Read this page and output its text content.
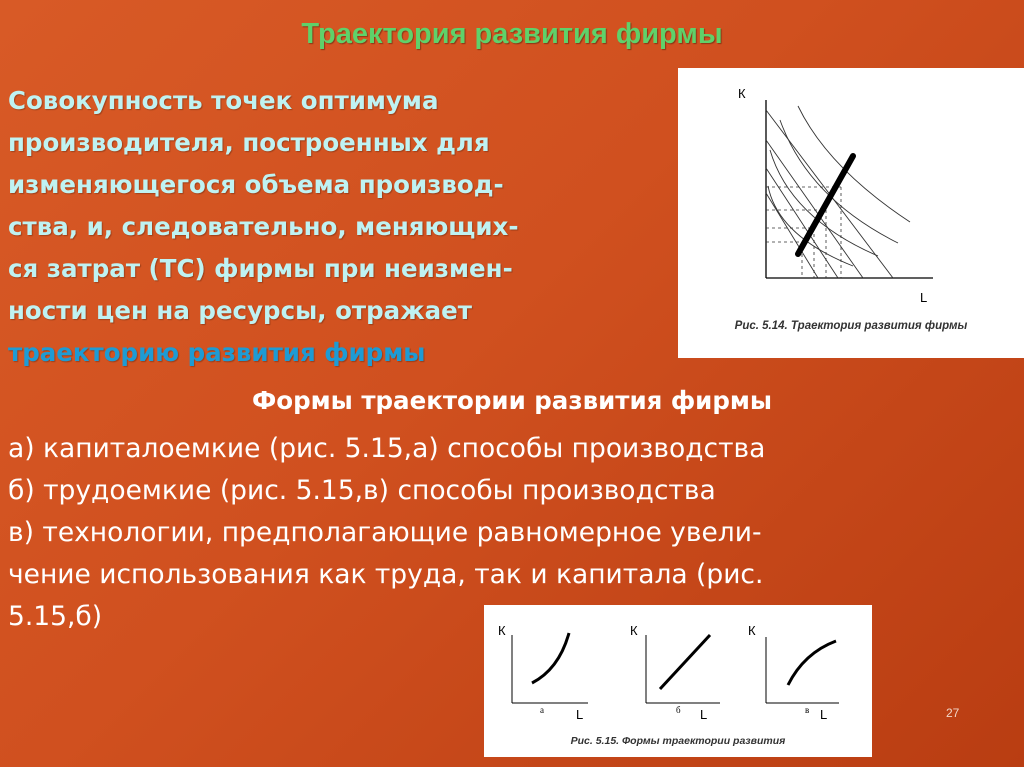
Траектория развития фирмы
Совокупность точек оптимума
производителя, построенных для
изменяющегося объема производ-
ства, и, следовательно, меняющих-
ся затрат (ТС) фирмы при неизмен-
ности цен на ресурсы, отражает
траекторию развития фирмы
К
L
Рис. 5.14. Траектория развития фирмы
Формы траектории развития фирмы
а) капиталоемкие (рис. 5.15,а) способы производства
б) трудоемкие (рис. 5.15,в) способы производства
в) технологии, предполагающие равномерное увели-
чение использования как труда, так и капитала (рис.
5.15,б)	К
L
а
К
L
б
К
L
в
Рис. 5.15. Формы траектории развития
27
